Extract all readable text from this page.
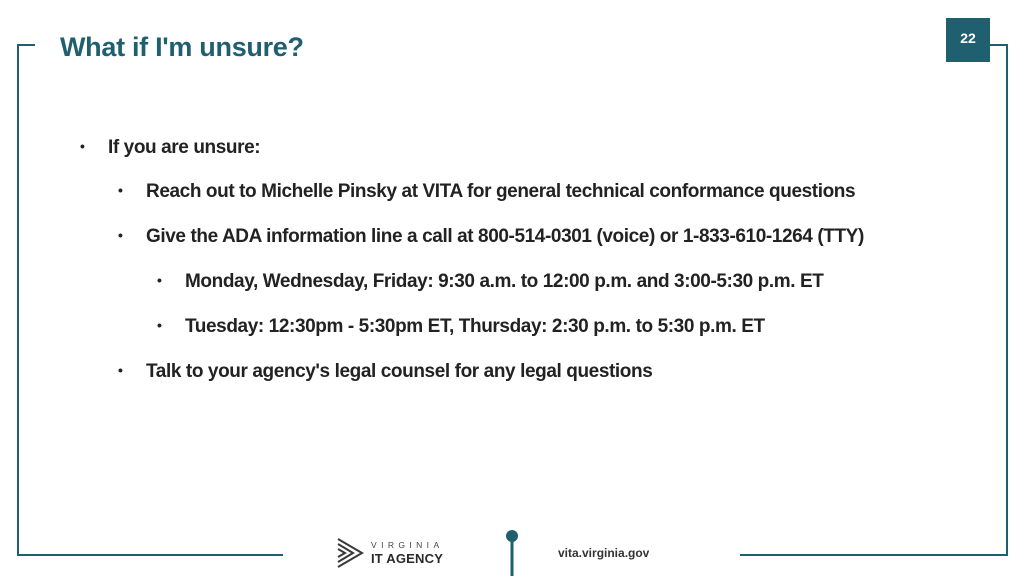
What if I'm unsure?	22
•	If you are unsure:
•	Reach out to Michelle Pinsky at VITA for general technical conformance questions
•	Give the ADA information line a call at 800-514-0301 (voice) or 1-833-610-1264 (TTY)
•	Monday, Wednesday, Friday: 9:30 a.m. to 12:00 p.m. and 3:00-5:30 p.m. ET
•	Tuesday: 12:30pm - 5:30pm ET, Thursday: 2:30 p.m. to 5:30 p.m. ET
•	Talk to your agency's legal counsel for any legal questions
VIRGINIA
IT AGENCY	vita.virginia.gov
